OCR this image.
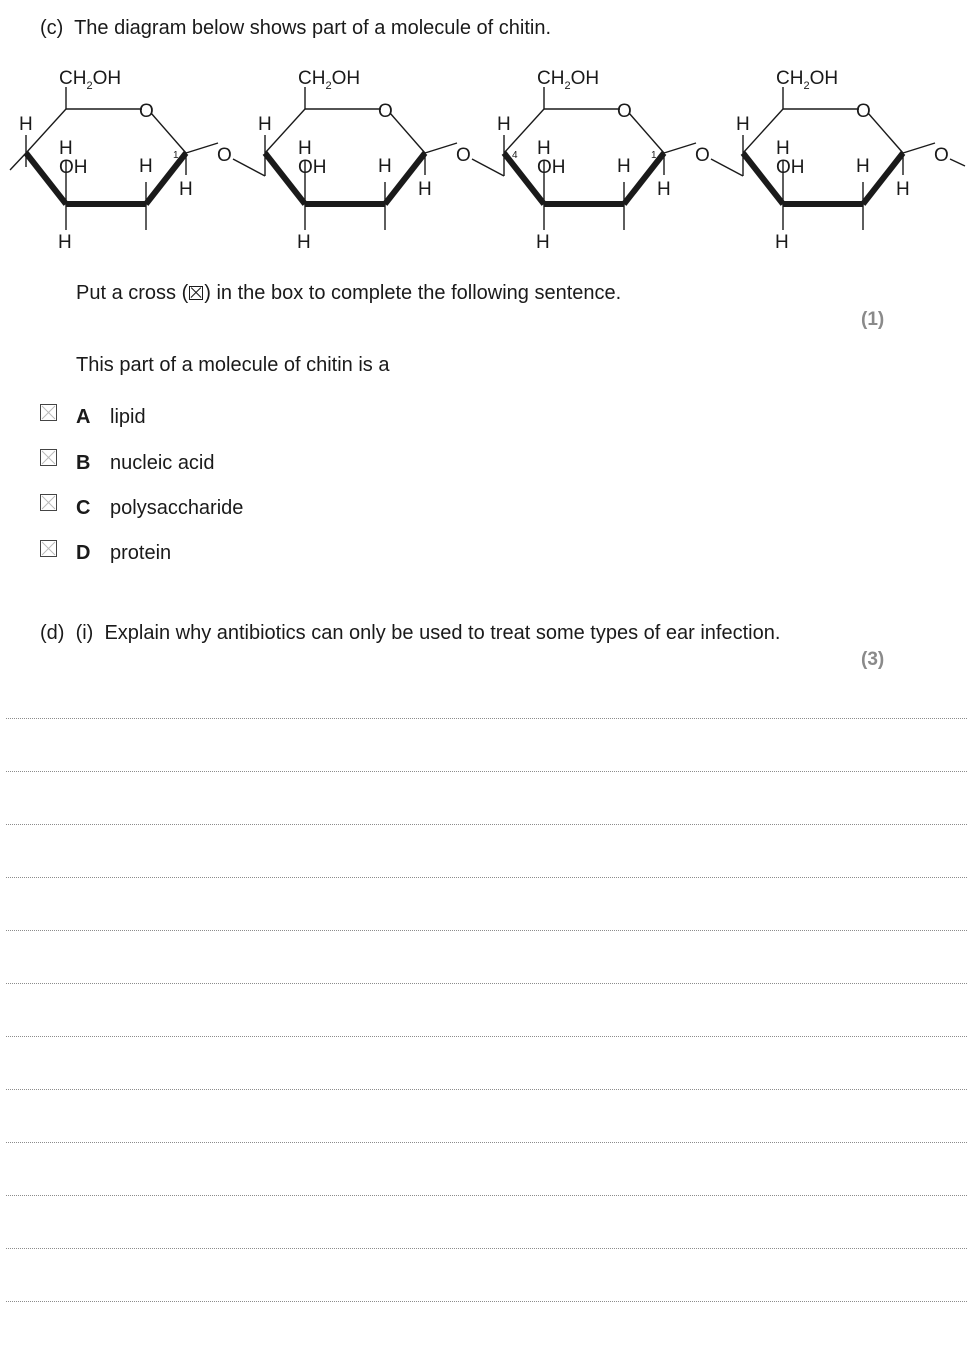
(c) The diagram below shows part of a molecule of chitin.
$CH_2OH$
O
H
H
OH
H
H
H
1 O
$CH_2OH$
O
H
H
OH
H
H
H
4
O
$CH_2OH$
O
H
H
OH
H
H
H
1 O
$CH_2OH$
O
H
H
OH
H
H
H
O
Put a cross (☒) in the box to complete the following sentence.
(1)
This part of a molecule of chitin is a
A lipid
B nucleic acid
C polysaccharide
D protein
(d) (i) Explain why antibiotics can only be used to treat some types of ear infection.
(3)
